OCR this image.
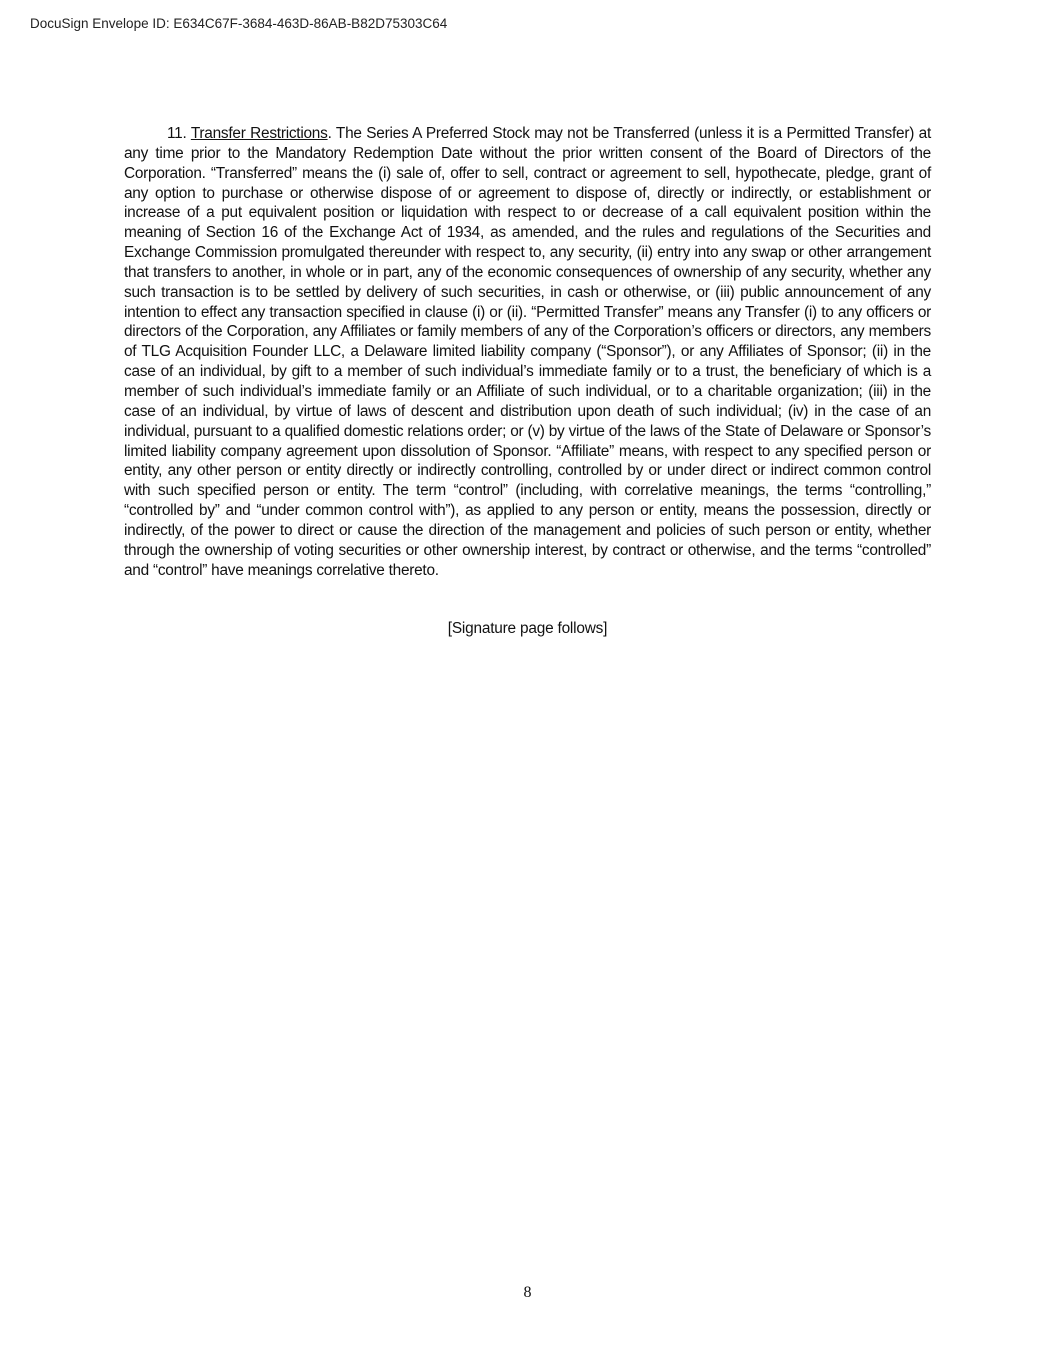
DocuSign Envelope ID: E634C67F-3684-463D-86AB-B82D75303C64

11. Transfer Restrictions. The Series A Preferred Stock may not be Transferred (unless it is a Permitted Transfer) at any time prior to the Mandatory Redemption Date without the prior written consent of the Board of Directors of the Corporation. “Transferred” means the (i) sale of, offer to sell, contract or agreement to sell, hypothecate, pledge, grant of any option to purchase or otherwise dispose of or agreement to dispose of, directly or indirectly, or establishment or increase of a put equivalent position or liquidation with respect to or decrease of a call equivalent position within the meaning of Section 16 of the Exchange Act of 1934, as amended, and the rules and regulations of the Securities and Exchange Commission promulgated thereunder with respect to, any security, (ii) entry into any swap or other arrangement that transfers to another, in whole or in part, any of the economic consequences of ownership of any security, whether any such transaction is to be settled by delivery of such securities, in cash or otherwise, or (iii) public announcement of any intention to effect any transaction specified in clause (i) or (ii). “Permitted Transfer” means any Transfer (i) to any officers or directors of the Corporation, any Affiliates or family members of any of the Corporation’s officers or directors, any members of TLG Acquisition Founder LLC, a Delaware limited liability company (“Sponsor”), or any Affiliates of Sponsor; (ii) in the case of an individual, by gift to a member of such individual’s immediate family or to a trust, the beneficiary of which is a member of such individual’s immediate family or an Affiliate of such individual, or to a charitable organization; (iii) in the case of an individual, by virtue of laws of descent and distribution upon death of such individual; (iv) in the case of an individual, pursuant to a qualified domestic relations order; or (v) by virtue of the laws of the State of Delaware or Sponsor’s limited liability company agreement upon dissolution of Sponsor. “Affiliate” means, with respect to any specified person or entity, any other person or entity directly or indirectly controlling, controlled by or under direct or indirect common control with such specified person or entity. The term “control” (including, with correlative meanings, the terms “controlling,” “controlled by” and “under common control with”), as applied to any person or entity, means the possession, directly or indirectly, of the power to direct or cause the direction of the management and policies of such person or entity, whether through the ownership of voting securities or other ownership interest, by contract or otherwise, and the terms “controlled” and “control” have meanings correlative thereto.

[Signature page follows]
8
